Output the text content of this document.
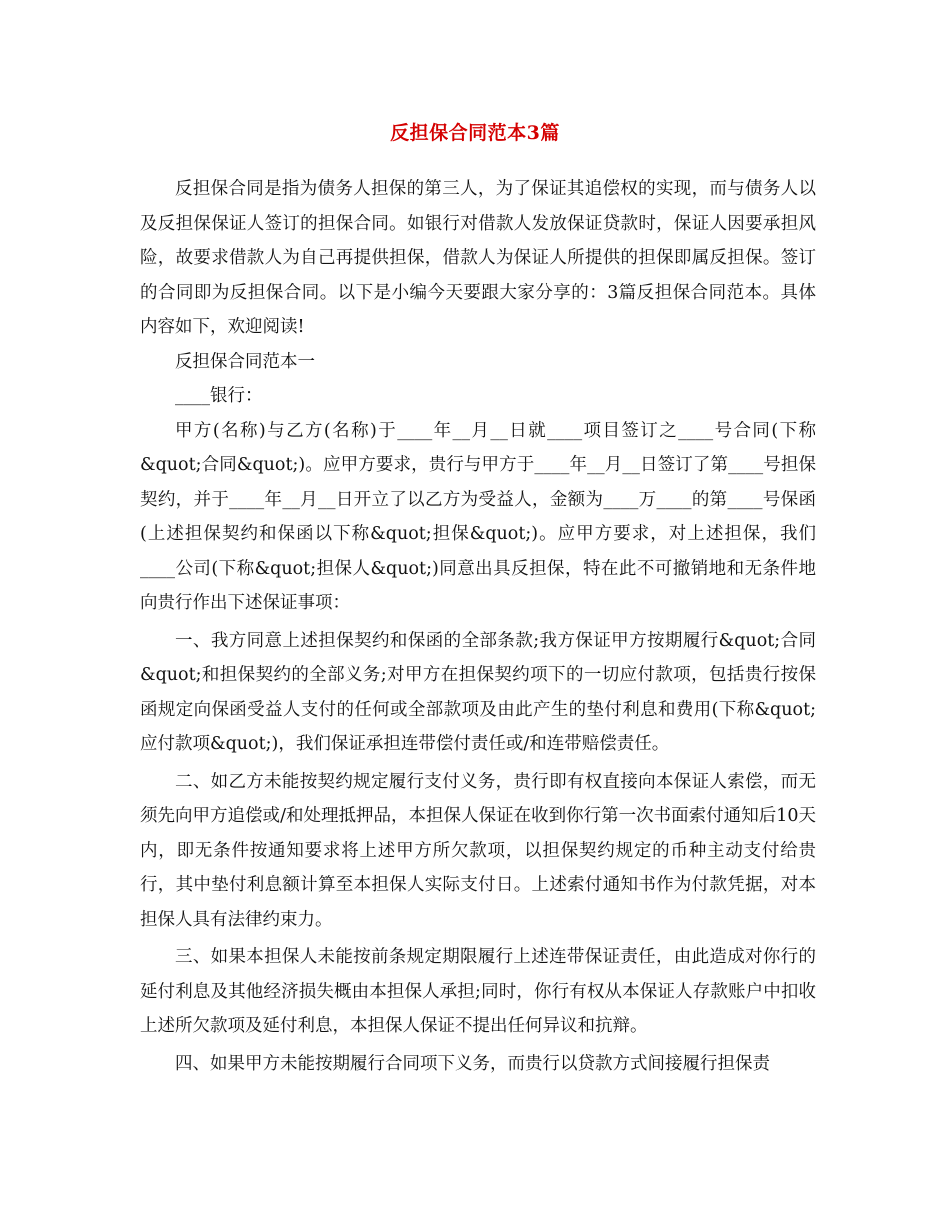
反担保合同范本3篇

反担保合同是指为债务人担保的第三人，为了保证其追偿权的实现，而与债务人以及反担保保证人签订的担保合同。如银行对借款人发放保证贷款时，保证人因要承担风险，故要求借款人为自己再提供担保，借款人为保证人所提供的担保即属反担保。签订的合同即为反担保合同。以下是小编今天要跟大家分享的：3篇反担保合同范本。具体内容如下，欢迎阅读!

反担保合同范本一

____银行：

甲方(名称)与乙方(名称)于____年__月__日就____项目签订之____号合同(下称&quot;合同&quot;)。应甲方要求，贵行与甲方于____年__月__日签订了第____号担保契约，并于____年__月__日开立了以乙方为受益人，金额为____万____的第____号保函(上述担保契约和保函以下称&quot;担保&quot;)。应甲方要求，对上述担保，我们____公司(下称&quot;担保人&quot;)同意出具反担保，特在此不可撤销地和无条件地向贵行作出下述保证事项：

一、我方同意上述担保契约和保函的全部条款;我方保证甲方按期履行&quot;合同&quot;和担保契约的全部义务;对甲方在担保契约项下的一切应付款项，包括贵行按保函规定向保函受益人支付的任何或全部款项及由此产生的垫付利息和费用(下称&quot;应付款项&quot;)，我们保证承担连带偿付责任或/和连带赔偿责任。

二、如乙方未能按契约规定履行支付义务，贵行即有权直接向本保证人索偿，而无须先向甲方追偿或/和处理抵押品，本担保人保证在收到你行第一次书面索付通知后10天内，即无条件按通知要求将上述甲方所欠款项，以担保契约规定的币种主动支付给贵行，其中垫付利息额计算至本担保人实际支付日。上述索付通知书作为付款凭据，对本担保人具有法律约束力。

三、如果本担保人未能按前条规定期限履行上述连带保证责任，由此造成对你行的延付利息及其他经济损失概由本担保人承担;同时，你行有权从本保证人存款账户中扣收上述所欠款项及延付利息，本担保人保证不提出任何异议和抗辩。

四、如果甲方未能按期履行合同项下义务，而贵行以贷款方式间接履行担保责
